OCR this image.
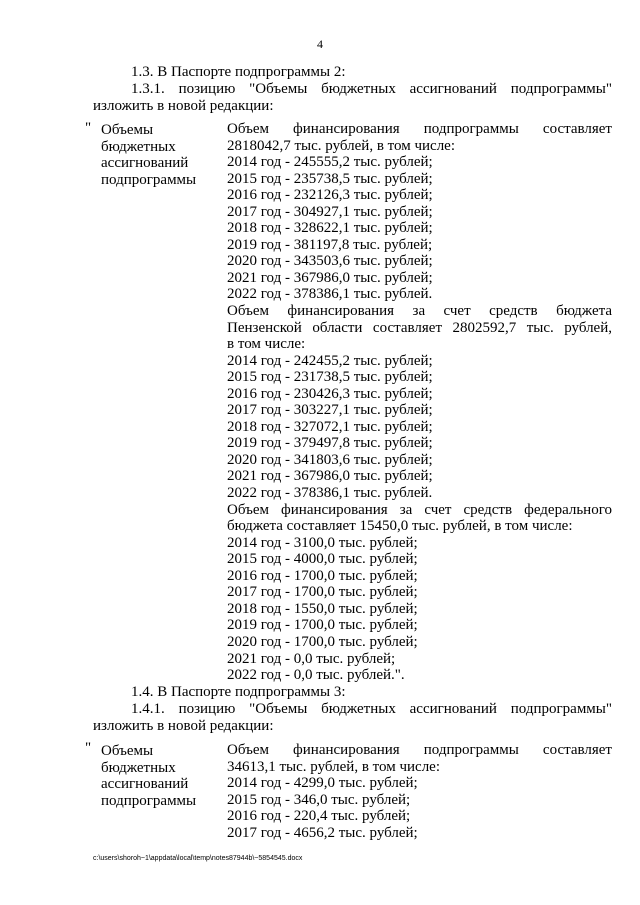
4
1.3. В Паспорте подпрограммы 2:
1.3.1. позицию "Объемы бюджетных ассигнований подпрограммы"
изложить в новой редакции:
" Объемы
бюджетных
ассигнований
подпрограммы
Объем финансирования подпрограммы составляет
2818042,7 тыс. рублей, в том числе:
2014 год - 245555,2 тыс. рублей;
2015 год - 235738,5 тыс. рублей;
2016 год - 232126,3 тыс. рублей;
2017 год - 304927,1 тыс. рублей;
2018 год - 328622,1 тыс. рублей;
2019 год - 381197,8 тыс. рублей;
2020 год - 343503,6 тыс. рублей;
2021 год - 367986,0 тыс. рублей;
2022 год - 378386,1 тыс. рублей.
Объем финансирования за счет средств бюджета
Пензенской области составляет 2802592,7 тыс. рублей,
в том числе:
2014 год - 242455,2 тыс. рублей;
2015 год - 231738,5 тыс. рублей;
2016 год - 230426,3 тыс. рублей;
2017 год - 303227,1 тыс. рублей;
2018 год - 327072,1 тыс. рублей;
2019 год - 379497,8 тыс. рублей;
2020 год - 341803,6 тыс. рублей;
2021 год - 367986,0 тыс. рублей;
2022 год - 378386,1 тыс. рублей.
Объем финансирования за счет средств федерального
бюджета составляет 15450,0 тыс. рублей, в том числе:
2014 год - 3100,0 тыс. рублей;
2015 год - 4000,0 тыс. рублей;
2016 год - 1700,0 тыс. рублей;
2017 год - 1700,0 тыс. рублей;
2018 год - 1550,0 тыс. рублей;
2019 год - 1700,0 тыс. рублей;
2020 год - 1700,0 тыс. рублей;
2021 год - 0,0 тыс. рублей;
2022 год - 0,0 тыс. рублей.".
1.4. В Паспорте подпрограммы 3:
1.4.1. позицию "Объемы бюджетных ассигнований подпрограммы"
изложить в новой редакции:
" Объемы
бюджетных
ассигнований
подпрограммы
Объем финансирования подпрограммы составляет
34613,1 тыс. рублей, в том числе:
2014 год - 4299,0 тыс. рублей;
2015 год - 346,0 тыс. рублей;
2016 год - 220,4 тыс. рублей;
2017 год - 4656,2 тыс. рублей;
c:\users\shoroh~1\appdata\local\temp\notes87944b\~5854545.docx
